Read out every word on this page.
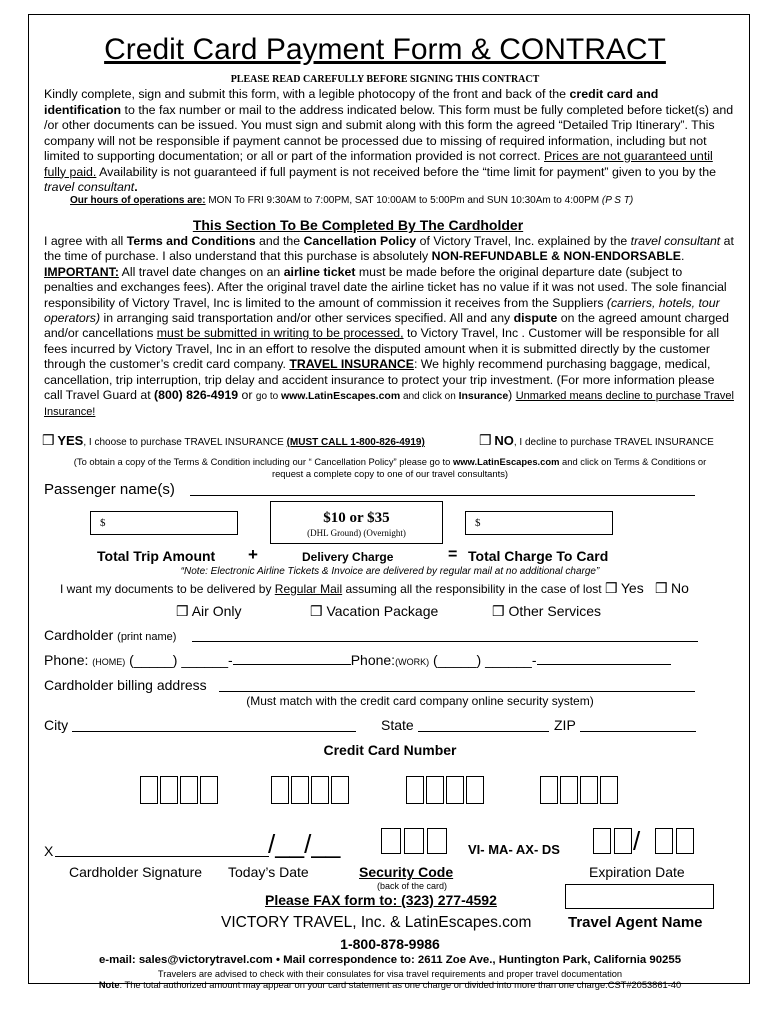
Credit Card Payment Form & CONTRACT
PLEASE READ CAREFULLY BEFORE SIGNING THIS CONTRACT
Kindly complete, sign and submit this form, with a legible photocopy of the front and back of the credit card and identification to the fax number or mail to the address indicated below. This form must be fully completed before ticket(s) and /or other documents can be issued. You must sign and submit along with this form the agreed “Detailed Trip Itinerary”. This company will not be responsible if payment cannot be processed due to missing of required information, including but not limited to supporting documentation; or all or part of the information provided is not correct. Prices are not guaranteed until fully paid. Availability is not guaranteed if full payment is not received before the “time limit for payment” given to you by the travel consultant.
Our hours of operations are: MON To FRI 9:30AM to 7:00PM, SAT 10:00AM to 5:00Pm and SUN 10:30Am to 4:00PM (P S T)
This Section To Be Completed By The Cardholder
I agree with all Terms and Conditions and the Cancellation Policy of Victory Travel, Inc. explained by the travel consultant at the time of purchase. I also understand that this purchase is absolutely NON-REFUNDABLE & NON-ENDORSABLE. IMPORTANT: All travel date changes on an airline ticket must be made before the original departure date (subject to penalties and exchanges fees). After the original travel date the airline ticket has no value if it was not used. The sole financial responsibility of Victory Travel, Inc is limited to the amount of commission it receives from the Suppliers (carriers, hotels, tour operators) in arranging said transportation and/or other services specified. All and any dispute on the agreed amount charged and/or cancellations must be submitted in writing to be processed, to Victory Travel, Inc . Customer will be responsible for all fees incurred by Victory Travel, Inc in an effort to resolve the disputed amount when it is submitted directly by the customer through the customer’s credit card company. TRAVEL INSURANCE: We highly recommend purchasing baggage, medical, cancellation, trip interruption, trip delay and accident insurance to protect your trip investment. (For more information please call Travel Guard at (800) 826-4919 or go to www.LatinEscapes.com and click on Insurance) Unmarked means decline to purchase Travel Insurance!
❒ YES, I choose to purchase TRAVEL INSURANCE (MUST CALL 1-800-826-4919)	❒ NO, I decline to purchase TRAVEL INSURANCE
(To obtain a copy of the Terms & Condition including our “ Cancellation Policy” please go to www.LatinEscapes.com and click on Terms & Conditions or
request a complete copy to one of our travel consultants)
Passenger name(s)
$	$10 or $35
(DHL Ground) (Overnight)
$
Total Trip Amount +	Delivery Charge	= Total Charge To Card
“Note: Electronic Airline Tickets & Invoice are delivered by regular mail at no additional charge”
I want my documents to be delivered by Regular Mail assuming all the responsibility in the case of lost ❒ Yes ❒ No
❒ Air Only	❒ Vacation Package	❒ Other Services
Cardholder (print name)
Phone: (HOME) (_____) ______-	Phone:(WORK) (_____) ______-
Cardholder billing address
(Must match with the credit card company online security system)
City	State	ZIP
Credit Card Number
X	/__/__	VI- MA- AX- DS	/
Cardholder Signature Today’s Date	Security Code
(back of the card)
Expiration Date
Please FAX form to: (323) 277-4592
VICTORY TRAVEL, Inc. & LatinEscapes.com Travel Agent Name
1-800-878-9986
e-mail: sales@victorytravel.com • Mail correspondence to: 2611 Zoe Ave., Huntington Park, California 90255
Travelers are advised to check with their consulates for visa travel requirements and proper travel documentation
Note: The total authorized amount may appear on your card statement as one charge or divided into more than one charge.CST#2053861-40
